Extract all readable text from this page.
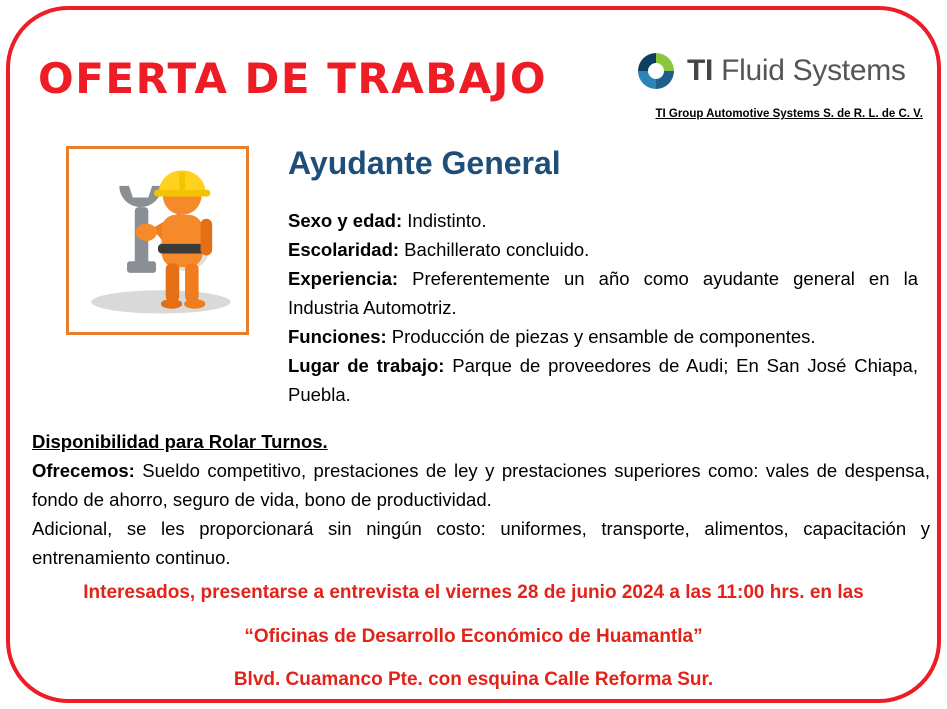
OFERTA DE TRABAJO	TI Fluid Systems
TI Group Automotive Systems S. de R. L. de C. V.
Ayudante General

Sexo y edad: Indistinto.

Escolaridad: Bachillerato concluido.

Experiencia: Preferentemente un año como ayudante general en la Industria Automotriz.

Funciones: Producción de piezas y ensamble de componentes.

Lugar de trabajo: Parque de proveedores de Audi; En San José Chiapa, Puebla.

Disponibilidad para Rolar Turnos.

Ofrecemos: Sueldo competitivo, prestaciones de ley y prestaciones superiores como: vales de despensa, fondo de ahorro, seguro de vida, bono de productividad.

Adicional, se les proporcionará sin ningún costo: uniformes, transporte, alimentos, capacitación y entrenamiento continuo.

Interesados, presentarse a entrevista el viernes 28 de junio 2024 a las 11:00 hrs. en las
“Oficinas de Desarrollo Económico de Huamantla”
Blvd. Cuamanco Pte. con esquina Calle Reforma Sur.
